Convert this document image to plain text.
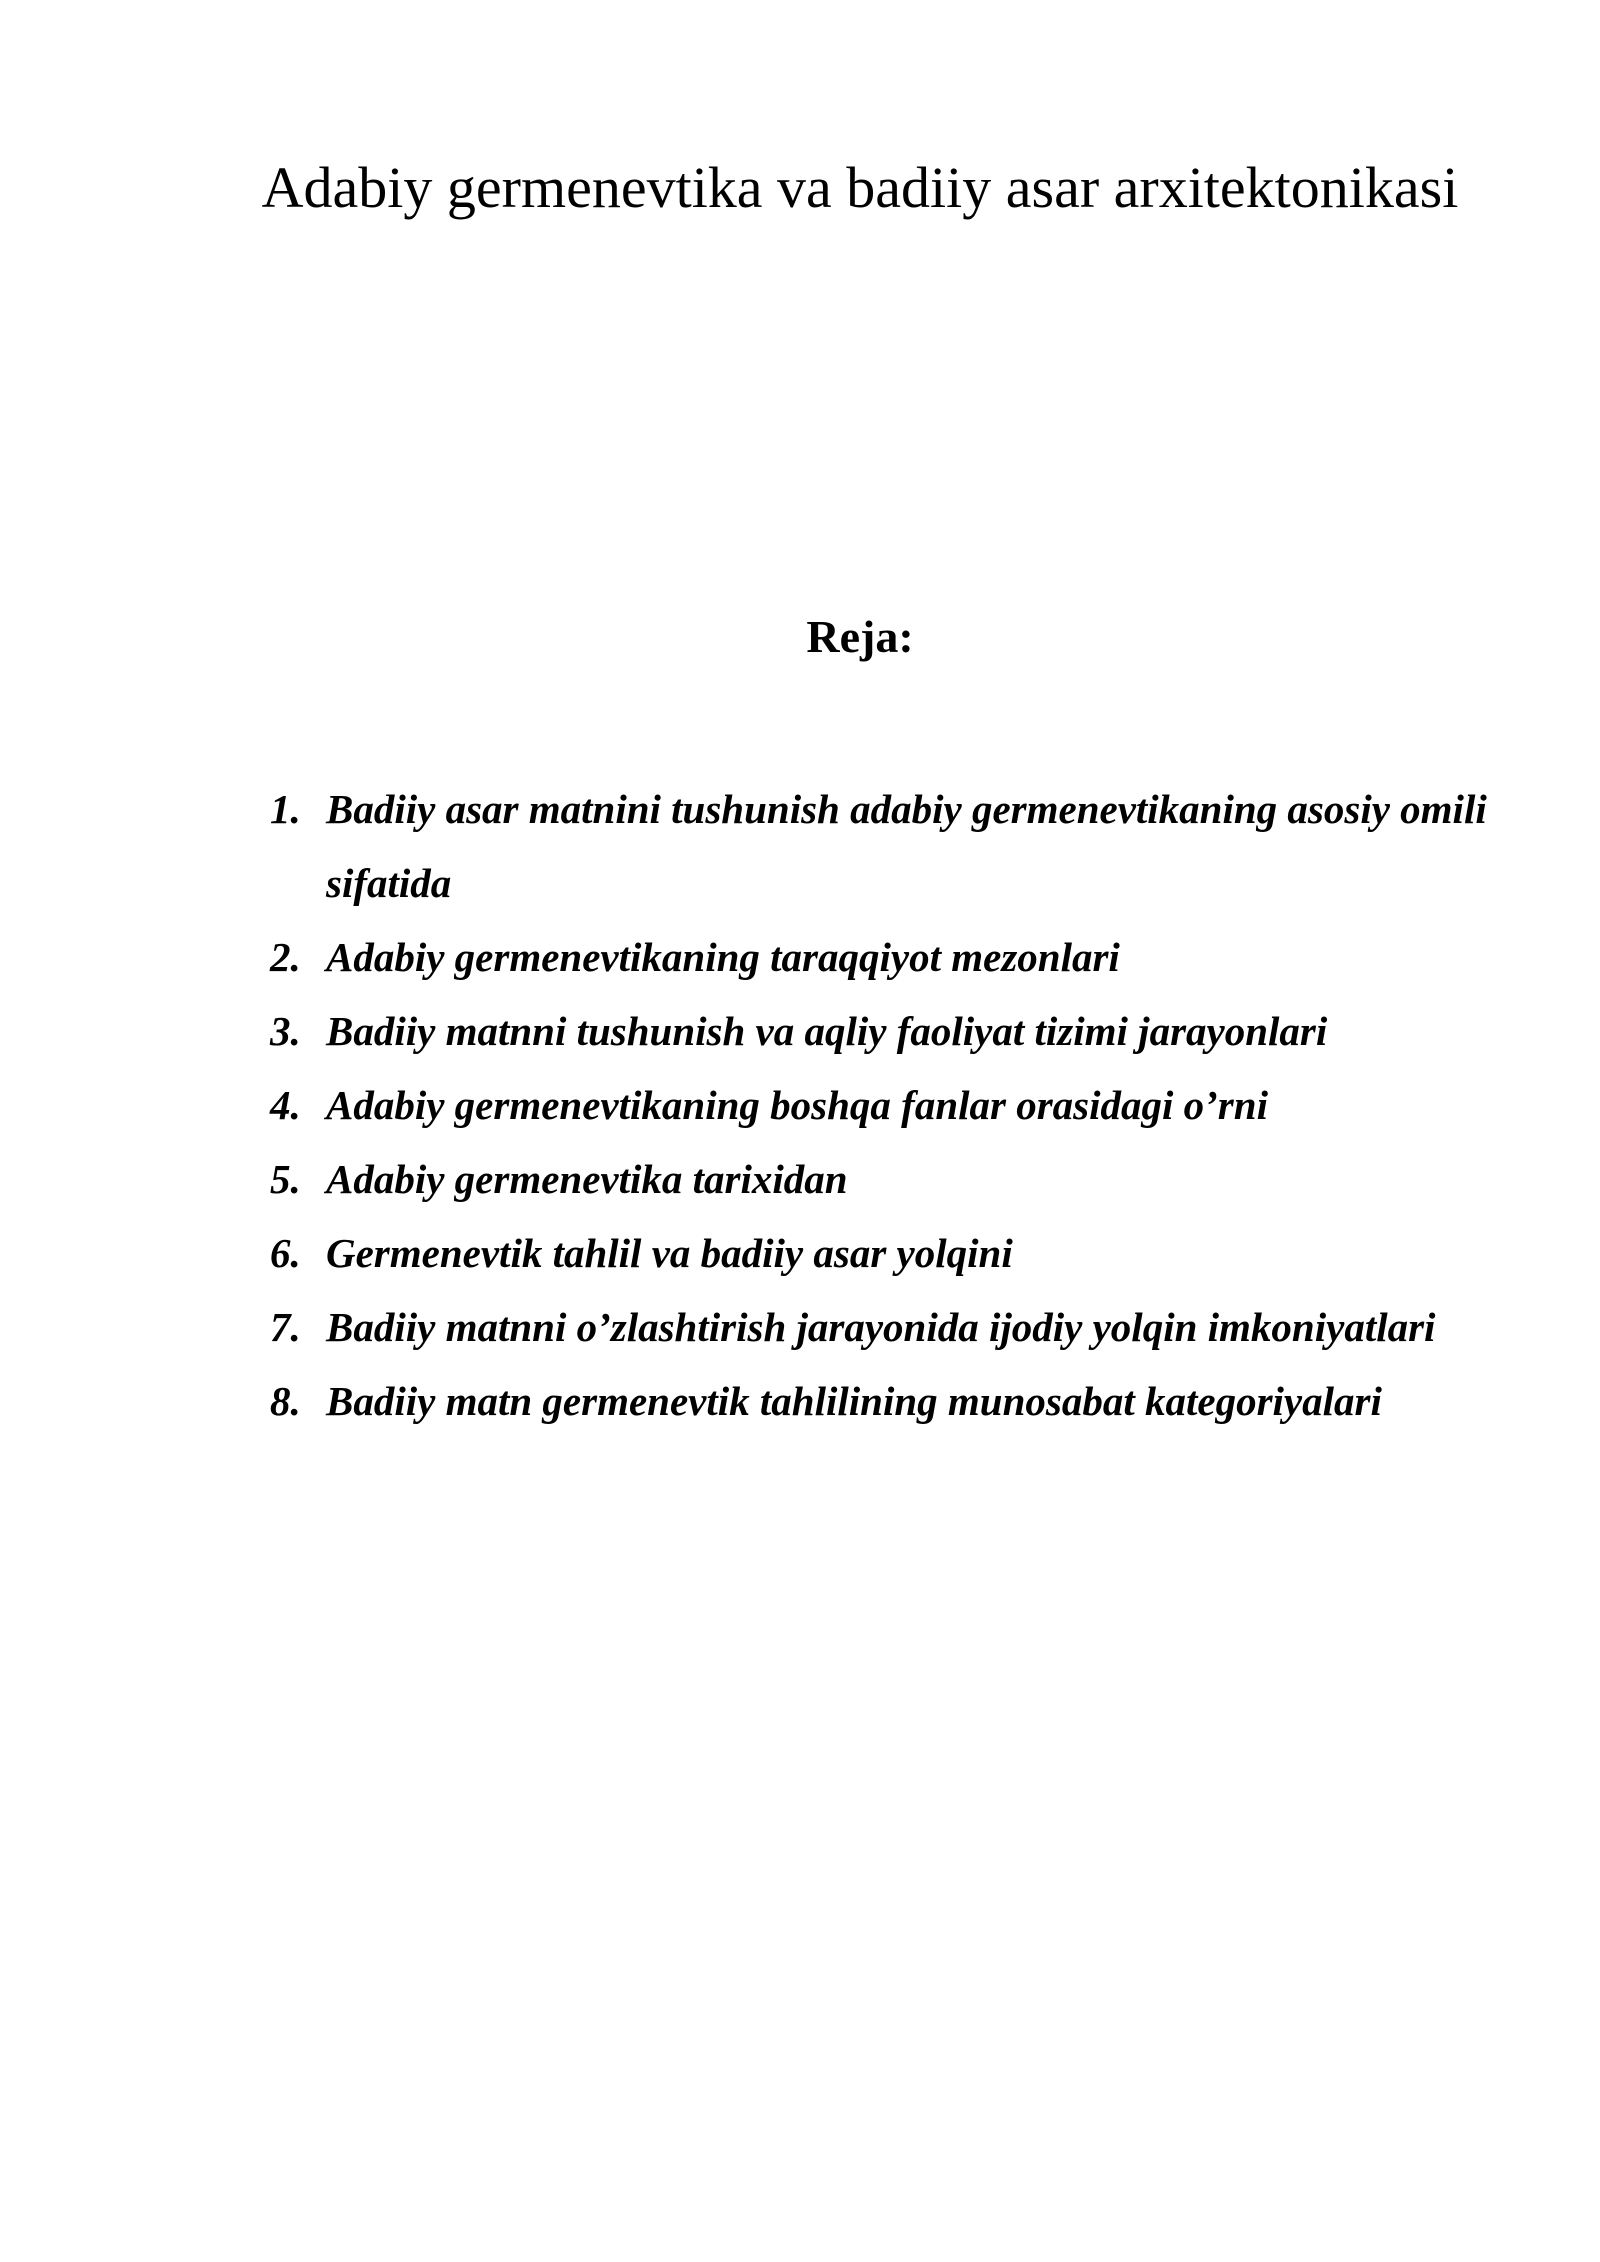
Adabiy germenevtika va badiiy asar arxitektonikasi
Reja:
1. Badiiy asar matnini tushunish adabiy germenevtikaning asosiy omili sifatida
2. Adabiy germenevtikaning taraqqiyot mezonlari
3. Badiiy matnni tushunish va aqliy faoliyat tizimi jarayonlari
4. Adabiy germenevtikaning boshqa fanlar orasidagi o’rni
5. Adabiy germenevtika tarixidan
6. Germenevtik tahlil va badiiy asar yolqini
7. Badiiy matnni o’zlashtirish jarayonida ijodiy yolqin imkoniyatlari
8. Badiiy matn germenevtik tahlilining munosabat kategoriyalari
